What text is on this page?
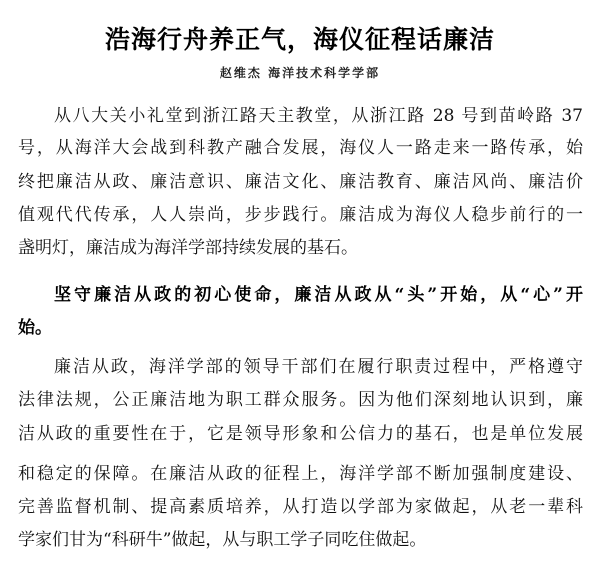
浩海行舟养正气，海仪征程话廉洁
赵维杰 海洋技术科学学部
从八大关小礼堂到浙江路天主教堂，从浙江路 28 号到苗岭路 37
号，从海洋大会战到科教产融合发展，海仪人一路走来一路传承，始
终把廉洁从政、廉洁意识、廉洁文化、廉洁教育、廉洁风尚、廉洁价
值观代代传承，人人崇尚，步步践行。廉洁成为海仪人稳步前行的一
盏明灯，廉洁成为海洋学部持续发展的基石。
坚守廉洁从政的初心使命，廉洁从政从“头”开始，从“心”开
始。
廉洁从政，海洋学部的领导干部们在履行职责过程中，严格遵守
法律法规，公正廉洁地为职工群众服务。因为他们深刻地认识到，廉
洁从政的重要性在于，它是领导形象和公信力的基石，也是单位发展
和稳定的保障。在廉洁从政的征程上，海洋学部不断加强制度建设、
完善监督机制、提高素质培养，从打造以学部为家做起，从老一辈科
学家们甘为“科研牛”做起，从与职工学子同吃住做起。
